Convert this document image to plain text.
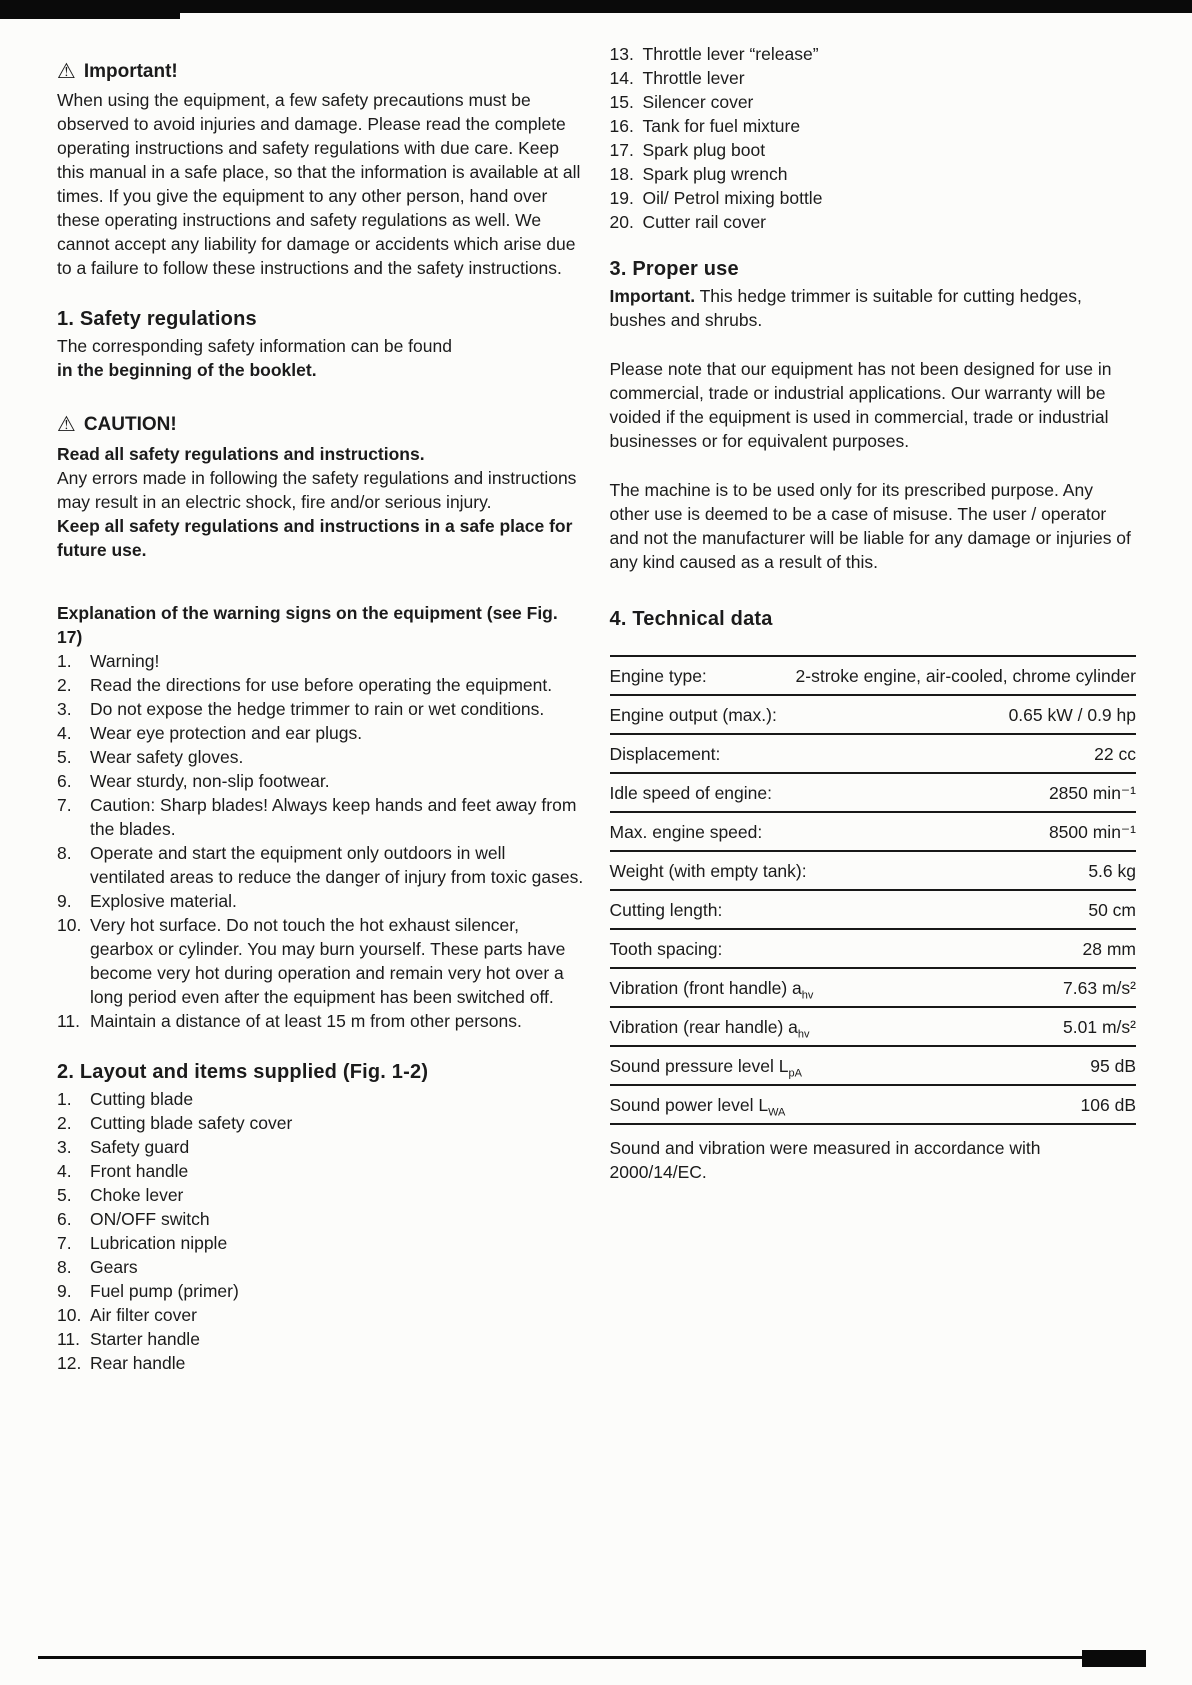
⚠ Important!

When using the equipment, a few safety precautions must be observed to avoid injuries and damage. Please read the complete operating instructions and safety regulations with due care. Keep this manual in a safe place, so that the information is available at all times. If you give the equipment to any other person, hand over these operating instructions and safety regulations as well. We cannot accept any liability for damage or accidents which arise due to a failure to follow these instructions and the safety instructions.

1. Safety regulations

The corresponding safety information can be found
in the beginning of the booklet.

⚠ CAUTION!

Read all safety regulations and instructions.

Any errors made in following the safety regulations and instructions may result in an electric shock, fire and/or serious injury.

Keep all safety regulations and instructions in a safe place for future use.

Explanation of the warning signs on the equipment (see Fig. 17)

1.	Warning!
2.	Read the directions for use before operating the equipment.
3.	Do not expose the hedge trimmer to rain or wet conditions.
4.	Wear eye protection and ear plugs.
5.	Wear safety gloves.
6.	Wear sturdy, non-slip footwear.
7.	Caution: Sharp blades! Always keep hands and feet away from the blades.
8.	Operate and start the equipment only outdoors in well ventilated areas to reduce the danger of injury from toxic gases.
9.	Explosive material.
10. Very hot surface. Do not touch the hot exhaust silencer, gearbox or cylinder. You may burn yourself. These parts have become very hot during operation and remain very hot over a long period even after the equipment has been switched off.
11. Maintain a distance of at least 15 m from other persons.
2. Layout and items supplied (Fig. 1-2)
1.	Cutting blade
2.	Cutting blade safety cover
3.	Safety guard
4.	Front handle
5.	Choke lever
6.	ON/OFF switch
7.	Lubrication nipple
8.	Gears
9.	Fuel pump (primer)
10. Air filter cover
11. Starter handle
12. Rear handle
13. Throttle lever “release”
14. Throttle lever
15. Silencer cover
16. Tank for fuel mixture
17. Spark plug boot
18. Spark plug wrench
19. Oil/ Petrol mixing bottle
20. Cutter rail cover
3. Proper use

Important. This hedge trimmer is suitable for cutting hedges, bushes and shrubs.

Please note that our equipment has not been designed for use in commercial, trade or industrial applications. Our warranty will be voided if the equipment is used in commercial, trade or industrial businesses or for equivalent purposes.

The machine is to be used only for its prescribed purpose. Any other use is deemed to be a case of misuse. The user / operator and not the manufacturer will be liable for any damage or injuries of any kind caused as a result of this.

4. Technical data
Engine type:	2-stroke engine, air-cooled, chrome cylinder
Engine output (max.):	0.65 kW / 0.9 hp
Displacement:	22 cc
Idle speed of engine:	2850 min⁻¹
Max. engine speed:	8500 min⁻¹
Weight (with empty tank):	5.6 kg
Cutting length:	50 cm
Tooth spacing:	28 mm
Vibration (front handle) $a_{hv}$	7.63 m/s²
Vibration (rear handle) $a_{hv}$	5.01 m/s²
Sound pressure level $L_{pA}$	95 dB
Sound power level $L_{WA}$	106 dB

Sound and vibration were measured in accordance with 2000/14/EC.
